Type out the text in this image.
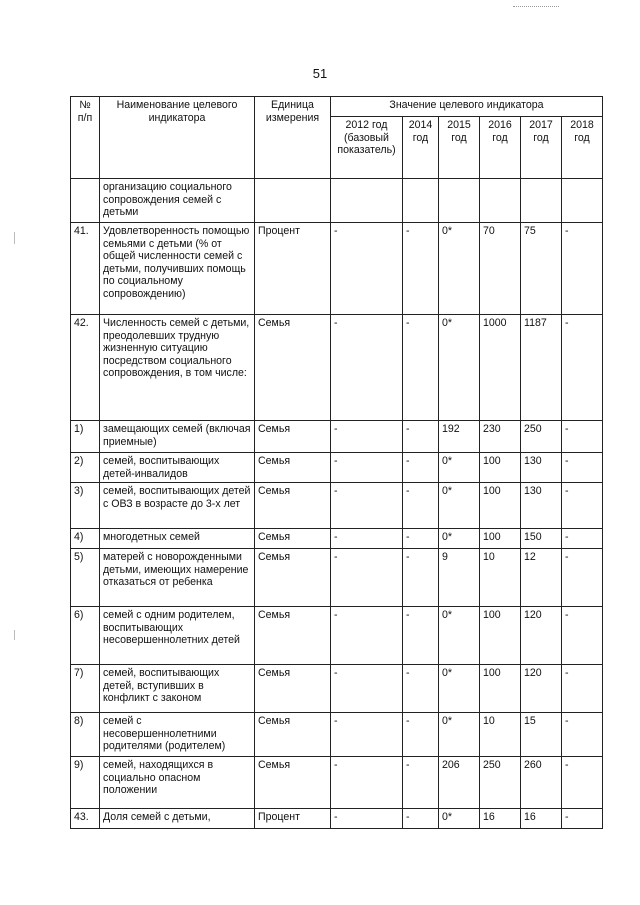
51
№ п/п	Наименование целевого индикатора	Единица измерения	Значение целевого индикатора					
			2012 год (базовый показатель)	2014 год	2015 год	2016 год	2017 год	2018 год
	организацию социального сопровождения семей с детьми							
41.	Удовлетворенность помощью семьями с детьми (% от общей численности семей с детьми, получивших помощь по социальному сопровождению)	Процент	-	-	0*	70	75	-
42.	Численность семей с детьми, преодолевших трудную жизненную ситуацию посредством социального сопровождения, в том числе:	Семья	-	-	0*	1000	1187	-
1)	замещающих семей (включая приемные)	Семья	-	-	192	230	250	-
2)	семей, воспитывающих детей-инвалидов	Семья	-	-	0*	100	130	-
3)	семей, воспитывающих детей с ОВЗ в возрасте до 3-х лет	Семья	-	-	0*	100	130	-
4)	многодетных семей	Семья	-	-	0*	100	150	-
5)	матерей с новорожденными детьми, имеющих намерение отказаться от ребенка	Семья	-	-	9	10	12	-
6)	семей с одним родителем, воспитывающих несовершеннолетних детей	Семья	-	-	0*	100	120	-
7)	семей, воспитывающих детей, вступивших в конфликт с законом	Семья	-	-	0*	100	120	-
8)	семей с несовершеннолетними родителями (родителем)	Семья	-	-	0*	10	15	-
9)	семей, находящихся в социально опасном положении	Семья	-	-	206	250	260	-
43.	Доля семей с детьми,	Процент	-	-	0*	16	16	-
